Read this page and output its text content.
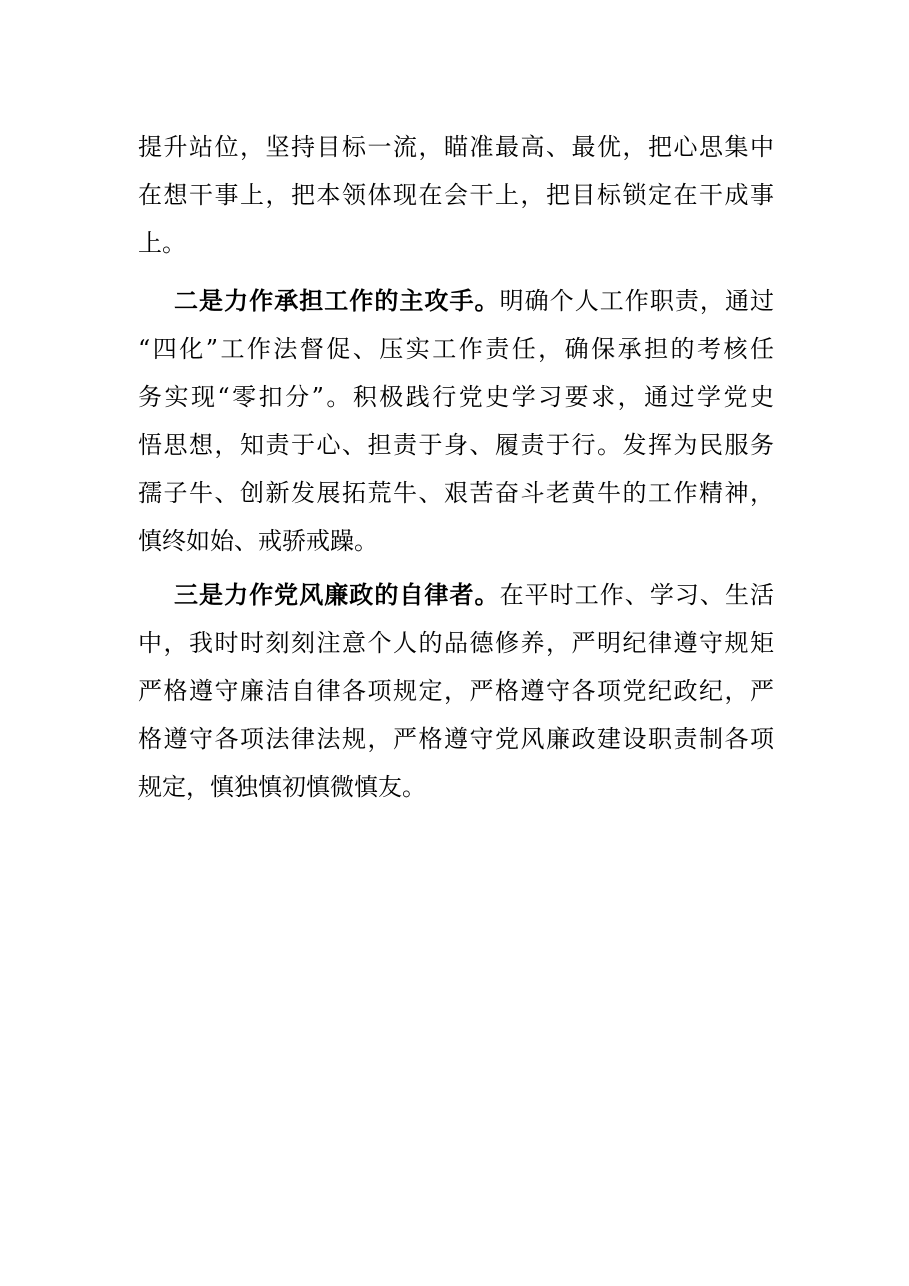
提升站位，坚持目标一流，瞄准最高、最优，把心思集中
在想干事上，把本领体现在会干上，把目标锁定在干成事
上。
二是力作承担工作的主攻手。明确个人工作职责，通过
“四化”工作法督促、压实工作责任，确保承担的考核任
务实现“零扣分”。积极践行党史学习要求，通过学党史
悟思想，知责于心、担责于身、履责于行。发挥为民服务
孺子牛、创新发展拓荒牛、艰苦奋斗老黄牛的工作精神，
慎终如始、戒骄戒躁。
三是力作党风廉政的自律者。在平时工作、学习、生活
中，我时时刻刻注意个人的品德修养，严明纪律遵守规矩
严格遵守廉洁自律各项规定，严格遵守各项党纪政纪，严
格遵守各项法律法规，严格遵守党风廉政建设职责制各项
规定，慎独慎初慎微慎友。
